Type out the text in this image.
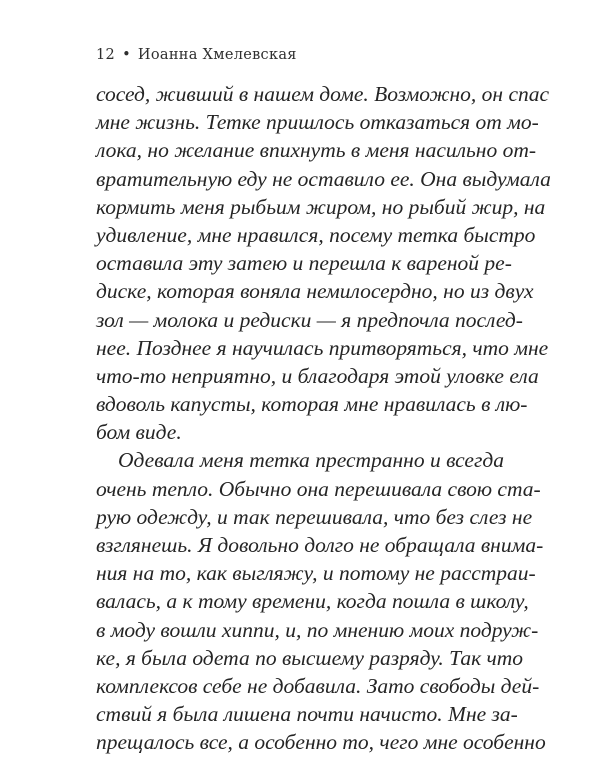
12 • Иоанна Хмелевская
сосед, живший в нашем доме. Возможно, он спас
мне жизнь. Тетке пришлось отказаться от мо-
лока, но желание впихнуть в меня насильно от-
вратительную еду не оставило ее. Она выдумала
кормить меня рыбьим жиром, но рыбий жир, на
удивление, мне нравился, посему тетка быстро
оставила эту затею и перешла к вареной ре-
диске, которая воняла немилосердно, но из двух
зол — молока и редиски — я предпочла послед-
нее. Позднее я научилась притворяться, что мне
что-то неприятно, и благодаря этой уловке ела
вдоволь капусты, которая мне нравилась в лю-
бом виде.
Одевала меня тетка престранно и всегда
очень тепло. Обычно она перешивала свою ста-
рую одежду, и так перешивала, что без слез не
взглянешь. Я довольно долго не обращала внима-
ния на то, как выгляжу, и потому не расстраи-
валась, а к тому времени, когда пошла в школу,
в моду вошли хиппи, и, по мнению моих подруж-
ке, я была одета по высшему разряду. Так что
комплексов себе не добавила. Зато свободы дей-
ствий я была лишена почти начисто. Мне за-
прещалось все, а особенно то, чего мне особенно
